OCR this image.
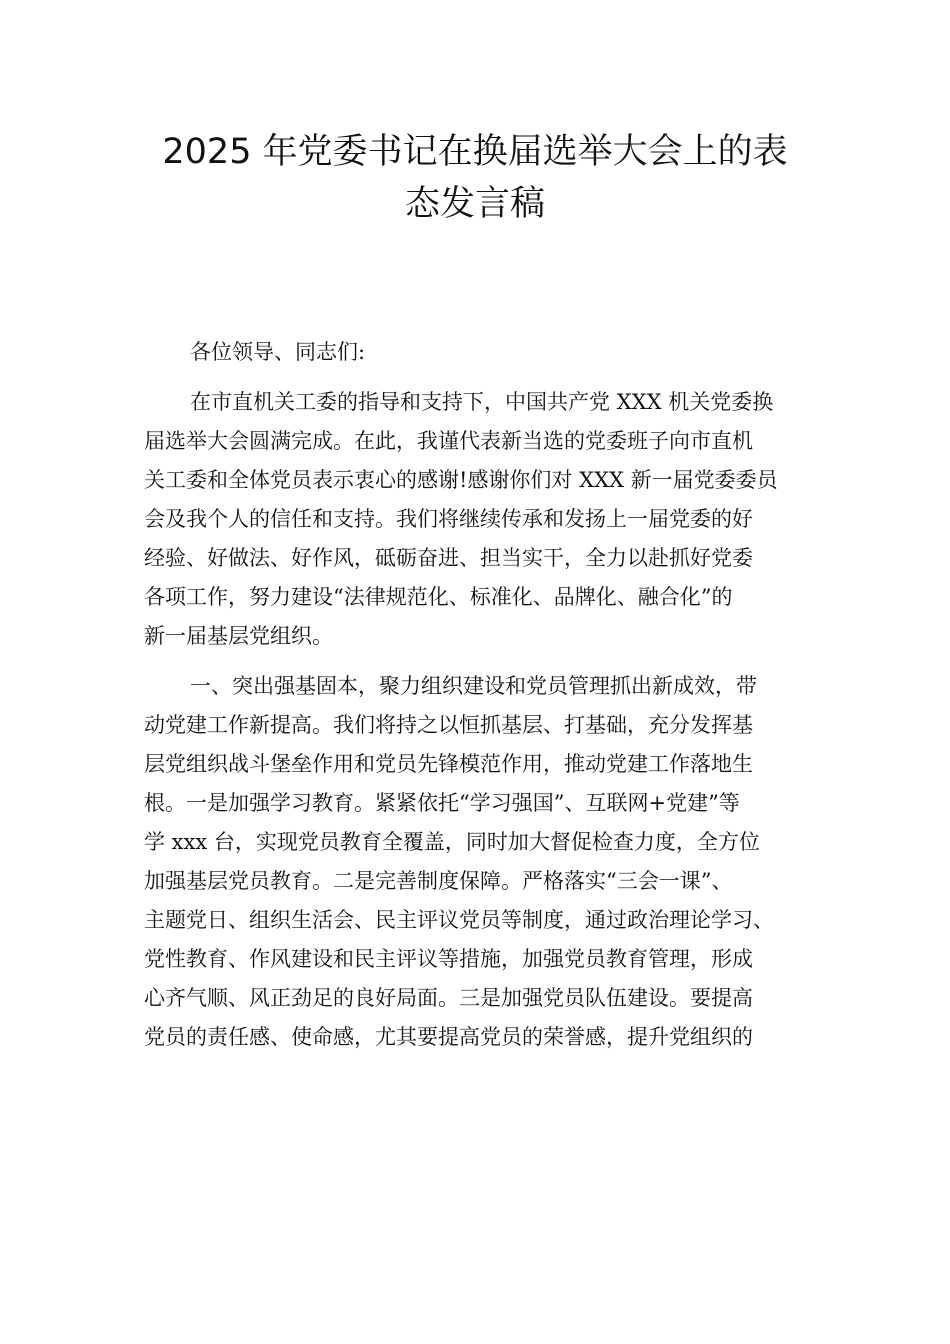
2025 年党委书记在换届选举大会上的表
态发言稿
各位领导、同志们:
在市直机关工委的指导和支持下，中国共产党 XXX 机关党委换
届选举大会圆满完成。在此，我谨代表新当选的党委班子向市直机
关工委和全体党员表示衷心的感谢!感谢你们对 XXX 新一届党委委员
会及我个人的信任和支持。我们将继续传承和发扬上一届党委的好
经验、好做法、好作风，砥砺奋进、担当实干，全力以赴抓好党委
各项工作，努力建设“法律规范化、标准化、品牌化、融合化”的
新一届基层党组织。
一、突出强基固本，聚力组织建设和党员管理抓出新成效，带
动党建工作新提高。我们将持之以恒抓基层、打基础，充分发挥基
层党组织战斗堡垒作用和党员先锋模范作用，推动党建工作落地生
根。一是加强学习教育。紧紧依托“学习强国”、互联网+党建”等
学 xxx 台，实现党员教育全覆盖，同时加大督促检查力度，全方位
加强基层党员教育。二是完善制度保障。严格落实“三会一课”、
主题党日、组织生活会、民主评议党员等制度，通过政治理论学习、
党性教育、作风建设和民主评议等措施，加强党员教育管理，形成
心齐气顺、风正劲足的良好局面。三是加强党员队伍建设。要提高
党员的责任感、使命感，尤其要提高党员的荣誉感，提升党组织的
